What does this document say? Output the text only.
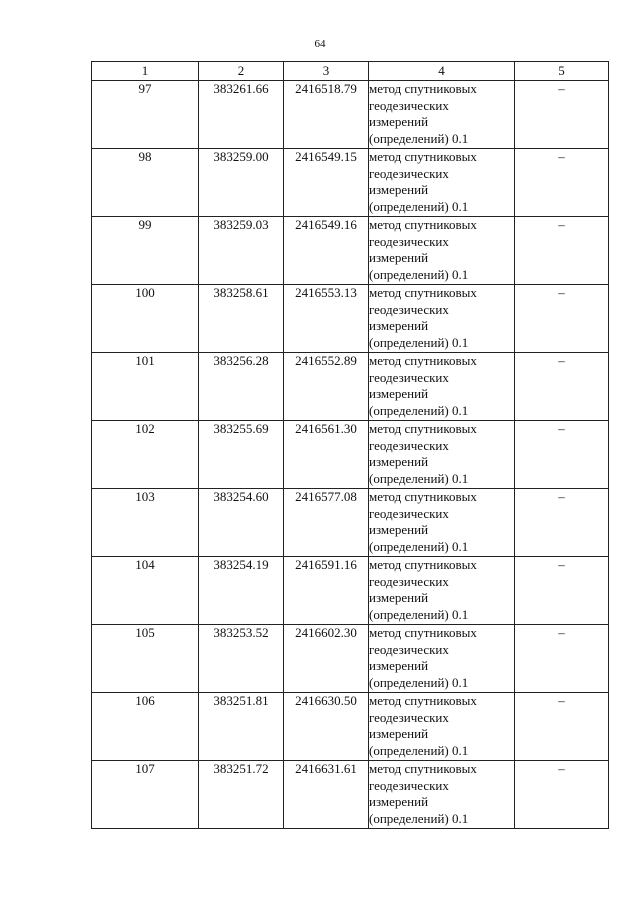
64
1	2	3	4	5
97	383261.66	2416518.79	метод спутниковых
геодезических
измерений
(определений) 0.1	–
98	383259.00	2416549.15	метод спутниковых
геодезических
измерений
(определений) 0.1	–
99	383259.03	2416549.16	метод спутниковых
геодезических
измерений
(определений) 0.1	–
100	383258.61	2416553.13	метод спутниковых
геодезических
измерений
(определений) 0.1	–
101	383256.28	2416552.89	метод спутниковых
геодезических
измерений
(определений) 0.1	–
102	383255.69	2416561.30	метод спутниковых
геодезических
измерений
(определений) 0.1	–
103	383254.60	2416577.08	метод спутниковых
геодезических
измерений
(определений) 0.1	–
104	383254.19	2416591.16	метод спутниковых
геодезических
измерений
(определений) 0.1	–
105	383253.52	2416602.30	метод спутниковых
геодезических
измерений
(определений) 0.1	–
106	383251.81	2416630.50	метод спутниковых
геодезических
измерений
(определений) 0.1	–
107	383251.72	2416631.61	метод спутниковых
геодезических
измерений
(определений) 0.1	–
